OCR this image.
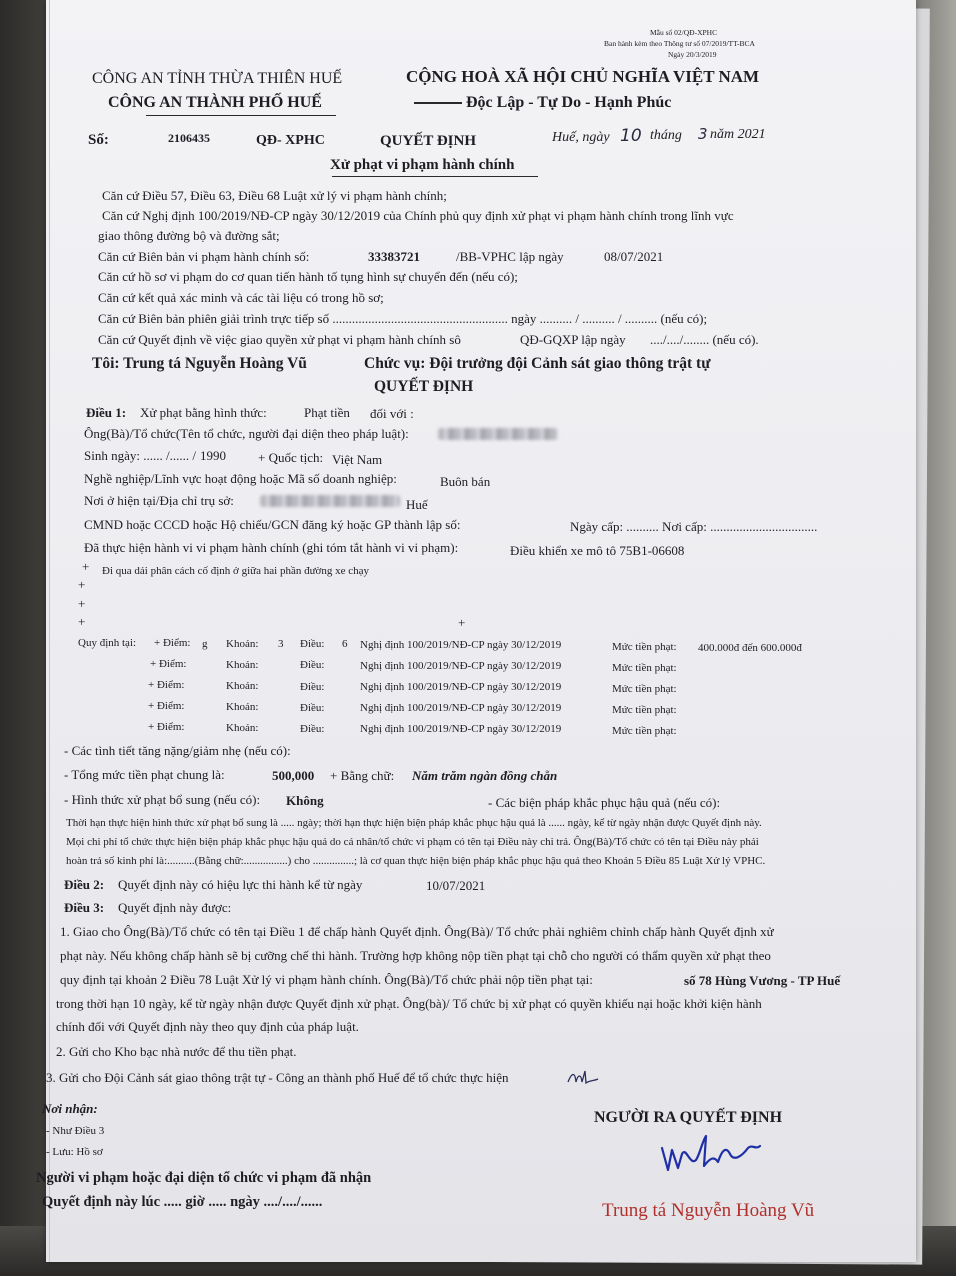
Mẫu số 02/QĐ-XPHC
Ban hành kèm theo Thông tư số 07/2019/TT-BCA
Ngày 20/3/2019
CÔNG AN TỈNH THỪA THIÊN HUẾ
CÔNG AN THÀNH PHỐ HUẾ
CỘNG HOÀ XÃ HỘI CHỦ NGHĨA VIỆT NAM
Độc Lập - Tự Do - Hạnh Phúc
Số:	2106435	QĐ- XPHC	QUYẾT ĐỊNH	Huế, ngày 10 tháng 3 năm 2021
Xử phạt vi phạm hành chính
Căn cứ Điều 57, Điều 63, Điều 68 Luật xử lý vi phạm hành chính;
Căn cứ Nghị định 100/2019/NĐ-CP ngày 30/12/2019 của Chính phủ quy định xử phạt vi phạm hành chính trong lĩnh vực
giao thông đường bộ và đường sắt;
Căn cứ Biên bản vi phạm hành chính số:	33383721	/BB-VPHC lập ngày	08/07/2021
Căn cứ hồ sơ vi phạm do cơ quan tiến hành tố tụng hình sự chuyển đến (nếu có);
Căn cứ kết quả xác minh và các tài liệu có trong hồ sơ;
Căn cứ Biên bản phiên giải trình trực tiếp số ...................................................... ngày .......... / .......... / .......... (nếu có);
Căn cứ Quyết định về việc giao quyền xử phạt vi phạm hành chính sô	QĐ-GQXP lập ngày ..../..../........ (nếu có).
Tôi: Trung tá Nguyễn Hoàng Vũ	Chức vụ: Đội trưởng đội Cảnh sát giao thông trật tự
QUYẾT ĐỊNH
Điều 1: Xử phạt bằng hình thức:	Phạt tiền đối với :
Ông(Bà)/Tổ chức(Tên tổ chức, người đại diện theo pháp luật):
Sinh ngày: ...... /...... / 1990 + Quốc tịch: Việt Nam
Nghề nghiệp/Lĩnh vực hoạt động hoặc Mã số doanh nghiệp:	Buôn bán
Nơi ở hiện tại/Địa chỉ trụ sở:	Huế
CMND hoặc CCCD hoặc Hộ chiếu/GCN đăng ký hoặc GP thành lập số:	Ngày cấp: .......... Nơi cấp: .................................
Đã thực hiện hành vi vi phạm hành chính (ghi tóm tắt hành vi vi phạm):	Điều khiển xe mô tô 75B1-06608
+ Đi qua dải phân cách cố định ở giữa hai phần đường xe chạy
+
+
+	+
Quy định tại: + Điểm: g Khoản: 3 Điều: 6 Nghị định 100/2019/NĐ-CP ngày 30/12/2019	Mức tiền phạt: 400.000đ đến 600.000đ
+ Điểm:	Khoản:	Điều:	Nghị định 100/2019/NĐ-CP ngày 30/12/2019	Mức tiền phạt:
+ Điểm:	Khoản:	Điều:	Nghị định 100/2019/NĐ-CP ngày 30/12/2019	Mức tiền phạt:
+ Điểm:	Khoản:	Điều:	Nghị định 100/2019/NĐ-CP ngày 30/12/2019	Mức tiền phạt:
+ Điểm:	Khoản:	Điều:	Nghị định 100/2019/NĐ-CP ngày 30/12/2019	Mức tiền phạt:
- Các tình tiết tăng nặng/giảm nhẹ (nếu có):
- Tổng mức tiền phạt chung là:	500,000 + Bằng chữ: Năm trăm ngàn đồng chẵn
- Hình thức xử phạt bổ sung (nếu có): Không	- Các biện pháp khắc phục hậu quả (nếu có):
Thời hạn thực hiện hình thức xử phạt bổ sung là ..... ngày; thời hạn thực hiện biện pháp khắc phục hậu quả là ...... ngày, kể từ ngày nhận được Quyết định này.
Mọi chi phí tổ chức thực hiện biện pháp khắc phục hậu quả do cá nhân/tổ chức vi phạm có tên tại Điều này chi trả. Ông(Bà)/Tổ chức có tên tại Điều này phải
hoàn trả số kinh phí là:..........(Bằng chữ:................) cho ...............; là cơ quan thực hiện biện pháp khắc phục hậu quả theo Khoản 5 Điều 85 Luật Xử lý VPHC.
Điều 2: Quyết định này có hiệu lực thi hành kể từ ngày	10/07/2021
Điều 3: Quyết định này được:
1. Giao cho Ông(Bà)/Tổ chức có tên tại Điều 1 để chấp hành Quyết định. Ông(Bà)/ Tổ chức phải nghiêm chỉnh chấp hành Quyết định xử
phạt này. Nếu không chấp hành sẽ bị cưỡng chế thi hành. Trường hợp không nộp tiền phạt tại chỗ cho người có thẩm quyền xử phạt theo
quy định tại khoản 2 Điều 78 Luật Xử lý vi phạm hành chính. Ông(Bà)/Tổ chức phải nộp tiền phạt tại:	số 78 Hùng Vương - TP Huế
trong thời hạn 10 ngày, kể từ ngày nhận được Quyết định xử phạt. Ông(bà)/ Tổ chức bị xử phạt có quyền khiếu nại hoặc khởi kiện hành
chính đối với Quyết định này theo quy định của pháp luật.
2. Gửi cho Kho bạc nhà nước để thu tiền phạt.
3. Gửi cho Đội Cảnh sát giao thông trật tự - Công an thành phố Huế để tổ chức thực hiện
Nơi nhận:
- Như Điều 3
- Lưu: Hồ sơ
Người vi phạm hoặc đại diện tổ chức vi phạm đã nhận
Quyết định này lúc ..... giờ ..... ngày ..../..../......
NGƯỜI RA QUYẾT ĐỊNH
Trung tá Nguyễn Hoàng Vũ
